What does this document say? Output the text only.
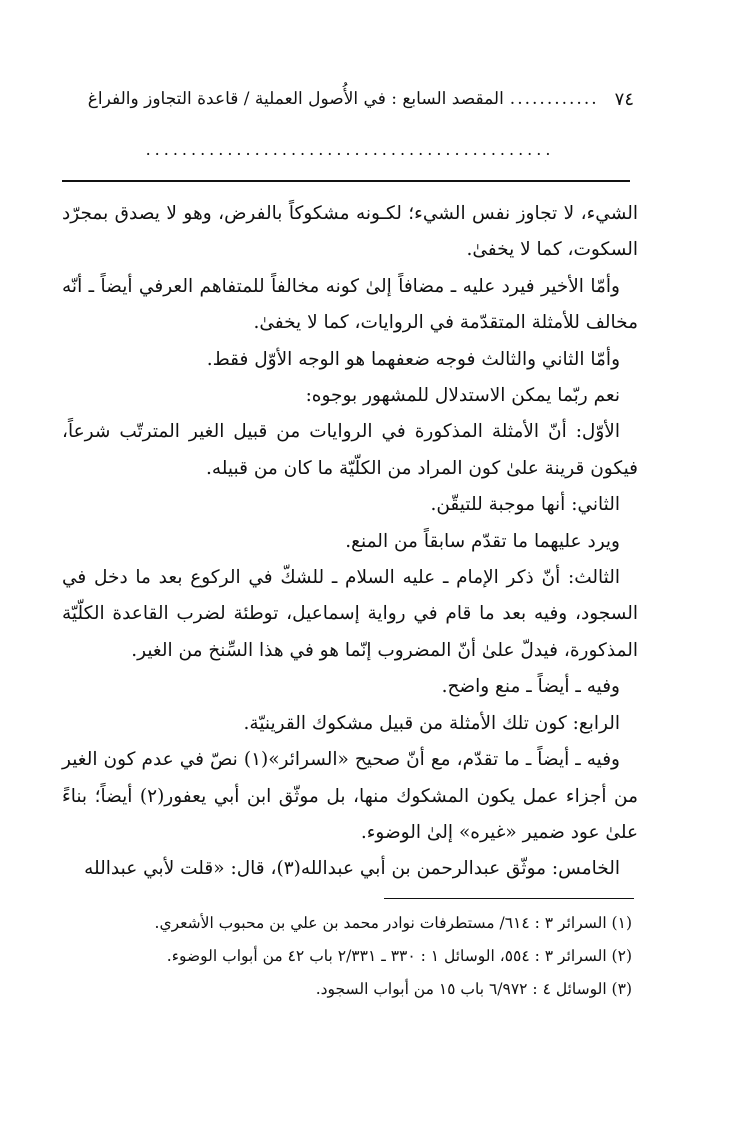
٧٤
............
المقصد السابع : في الأُصول العملية / قاعدة التجاوز والفراغ
.............................................

الشيء، لا تجاوز نفس الشيء؛ لكـونه مشكوكاً بالفرض، وهو لا يصدق بمجرّد السكوت، كما لا يخفىٰ.

وأمّا الأخير فيرد عليه ـ مضافاً إلىٰ كونه مخالفاً للمتفاهم العرفي أيضاً ـ أنّه مخالف للأمثلة المتقدّمة في الروايات، كما لا يخفىٰ.

وأمّا الثاني والثالث فوجه ضعفهما هو الوجه الأوّل فقط.

نعم ربّما يمكن الاستدلال للمشهور بوجوه:

الأوّل: أنّ الأمثلة المذكورة في الروايات من قبيل الغير المترتّب شرعاً، فيكون قرينة علىٰ كون المراد من الكلّيّة ما كان من قبيله.

الثاني: أنها موجبة للتيقّن.

ويرد عليهما ما تقدّم سابقاً من المنع.

الثالث: أنّ ذكر الإمام ـ عليه السلام ـ للشكّ في الركوع بعد ما دخل في السجود، وفيه بعد ما قام في رواية إسماعيل، توطئة لضرب القاعدة الكلّيّة المذكورة، فيدلّ علىٰ أنّ المضروب إنّما هو في هذا السِّنخ من الغير.

وفيه ـ أيضاً ـ منع واضح.

الرابع: كون تلك الأمثلة من قبيل مشكوك القرينيّة.

وفيه ـ أيضاً ـ ما تقدّم، مع أنّ صحيح «السرائر»(١) نصّ في عدم كون الغير من أجزاء عمل يكون المشكوك منها، بل موثّق ابن أبي يعفور(٢) أيضاً؛ بناءً علىٰ عود ضمير «غيره» إلىٰ الوضوء.

الخامس: موثّق عبدالرحمن بن أبي عبدالله(٣)، قال: «قلت لأبي عبدالله

(١) السرائر ٣ : ٦١٤/ مستطرفات نوادر محمد بن علي بن محبوب الأشعري.

(٢) السرائر ٣ : ٥٥٤، الوسائل ١ : ٣٣٠ ـ ٢/٣٣١ باب ٤٢ من أبواب الوضوء.

(٣) الوسائل ٤ : ٦/٩٧٢ باب ١٥ من أبواب السجود.
